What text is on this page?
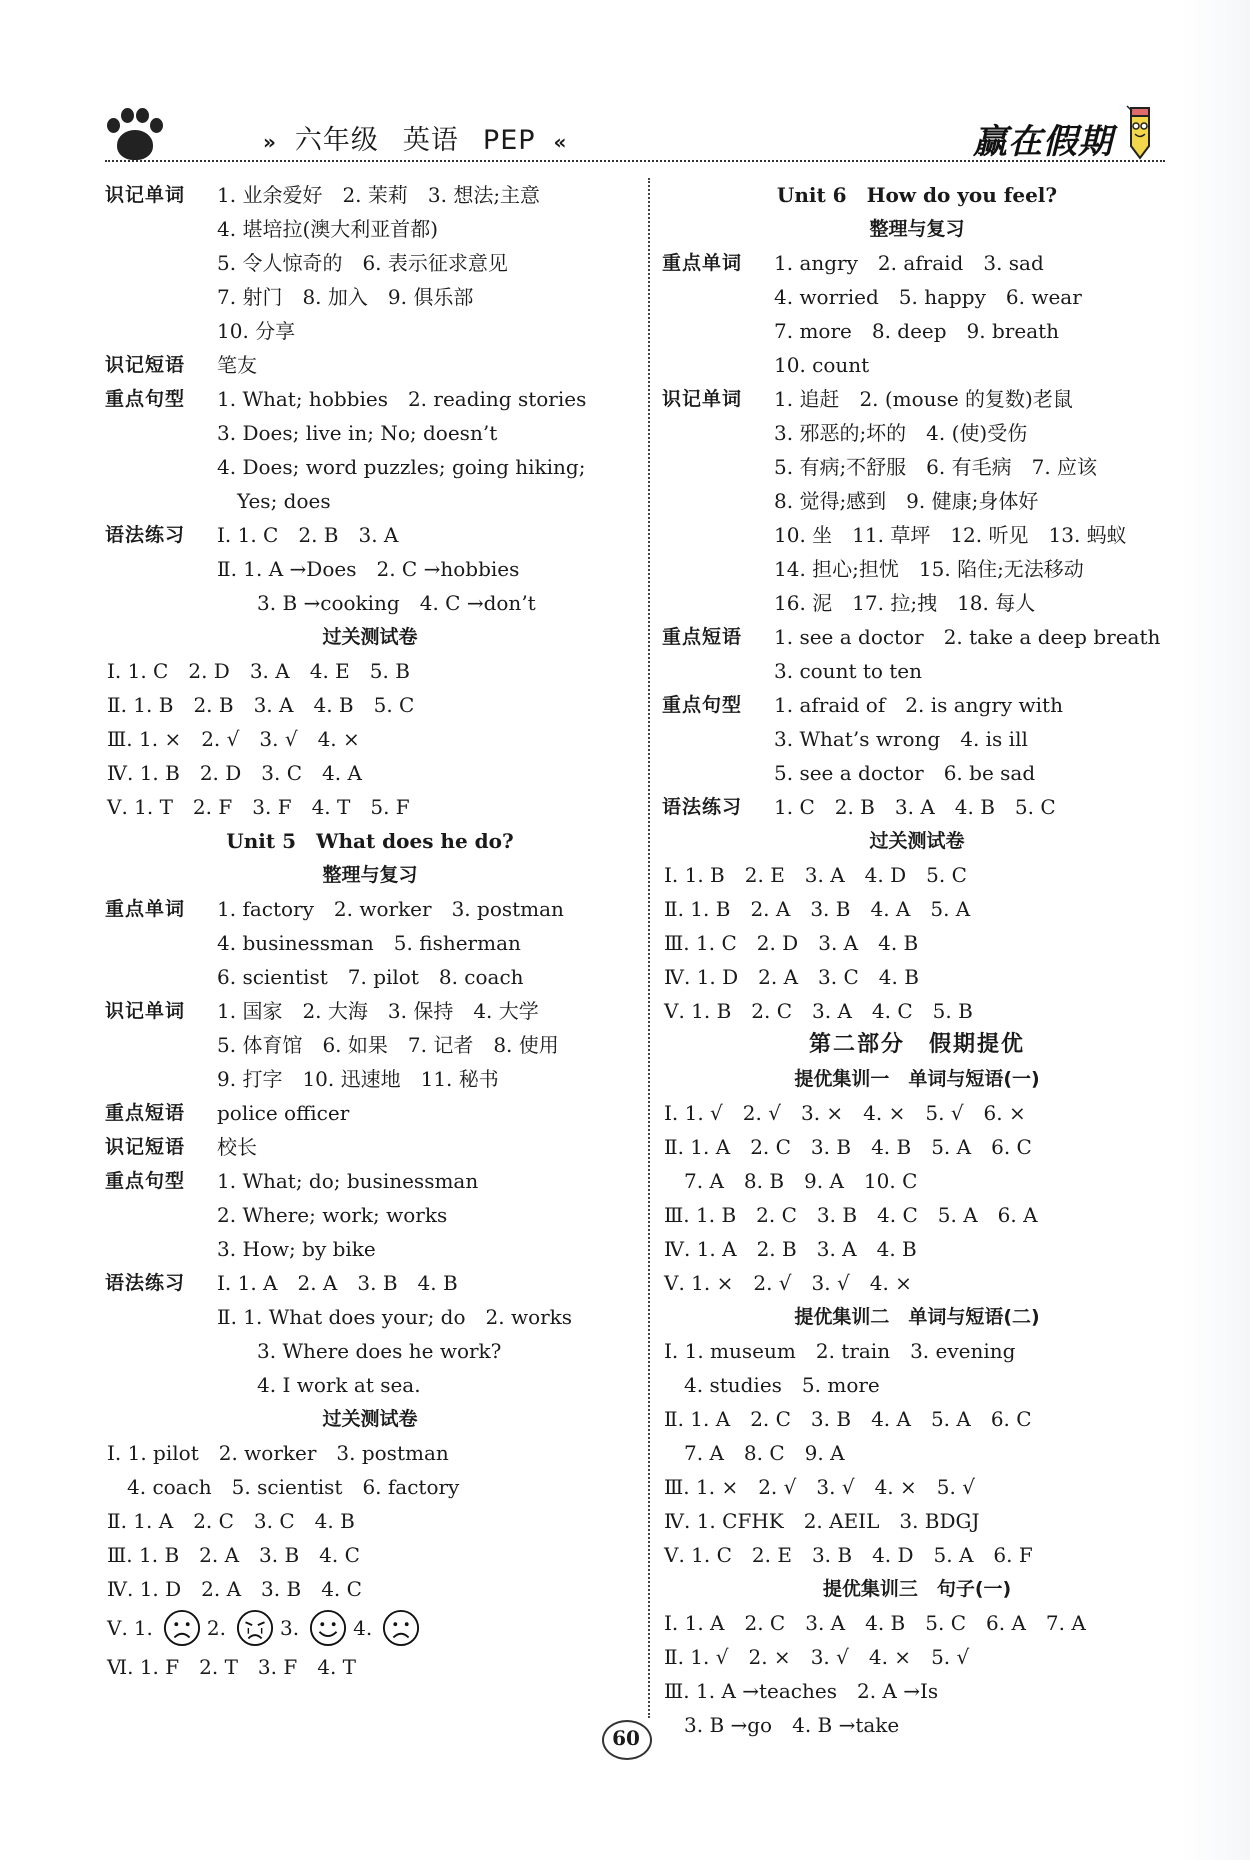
» 六年级 英语 PEP «	赢在假期
识记单词	1. 业余爱好　2. 茉莉　3. 想法;主意
4. 堪培拉(澳大利亚首都)
5. 令人惊奇的　6. 表示征求意见
7. 射门　8. 加入　9. 俱乐部
10. 分享
识记短语	笔友
重点句型	1. What; hobbies　2. reading stories
3. Does; live in; No; doesn’t
4. Does; word puzzles; going hiking;
　Yes; does
语法练习	Ⅰ. 1. C　2. B　3. A
Ⅱ. 1. A →Does　2. C →hobbies
　　3. B →cooking　4. C →don’t
过关测试卷
Ⅰ. 1. C　2. D　3. A　4. E　5. B
Ⅱ. 1. B　2. B　3. A　4. B　5. C
Ⅲ. 1. ×　2. √　3. √　4. ×
Ⅳ. 1. B　2. D　3. C　4. A
Ⅴ. 1. T　2. F　3. F　4. T　5. F
Unit 5　What does he do?
整理与复习
重点单词	1. factory　2. worker　3. postman
4. businessman　5. fisherman
6. scientist　7. pilot　8. coach
识记单词	1. 国家　2. 大海　3. 保持　4. 大学
5. 体育馆　6. 如果　7. 记者　8. 使用
9. 打字　10. 迅速地　11. 秘书
重点短语	police officer
识记短语	校长
重点句型	1. What; do; businessman
2. Where; work; works
3. How; by bike
语法练习	Ⅰ. 1. A　2. A　3. B　4. B
Ⅱ. 1. What does your; do　2. works
　　3. Where does he work?
　　4. I work at sea.
过关测试卷
Ⅰ. 1. pilot　2. worker　3. postman
　4. coach　5. scientist　6. factory
Ⅱ. 1. A　2. C　3. C　4. B
Ⅲ. 1. B　2. A　3. B　4. C
Ⅳ. 1. D　2. A　3. B　4. C
Ⅴ. 1.	2.	3.	4.
Ⅵ. 1. F　2. T　3. F　4. T
Unit 6　How do you feel?
整理与复习
重点单词	1. angry　2. afraid　3. sad
4. worried　5. happy　6. wear
7. more　8. deep　9. breath
10. count
识记单词	1. 追赶　2. (mouse 的复数)老鼠
3. 邪恶的;坏的　4. (使)受伤
5. 有病;不舒服　6. 有毛病　7. 应该
8. 觉得;感到　9. 健康;身体好
10. 坐　11. 草坪　12. 听见　13. 蚂蚁
14. 担心;担忧　15. 陷住;无法移动
16. 泥　17. 拉;拽　18. 每人
重点短语	1. see a doctor　2. take a deep breath
3. count to ten
重点句型	1. afraid of　2. is angry with
3. What’s wrong　4. is ill
5. see a doctor　6. be sad
语法练习	1. C　2. B　3. A　4. B　5. C
过关测试卷
Ⅰ. 1. B　2. E　3. A　4. D　5. C
Ⅱ. 1. B　2. A　3. B　4. A　5. A
Ⅲ. 1. C　2. D　3. A　4. B
Ⅳ. 1. D　2. A　3. C　4. B
Ⅴ. 1. B　2. C　3. A　4. C　5. B
第二部分　假期提优
提优集训一　单词与短语(一)
Ⅰ. 1. √　2. √　3. ×　4. ×　5. √　6. ×
Ⅱ. 1. A　2. C　3. B　4. B　5. A　6. C
　7. A　8. B　9. A　10. C
Ⅲ. 1. B　2. C　3. B　4. C　5. A　6. A
Ⅳ. 1. A　2. B　3. A　4. B
Ⅴ. 1. ×　2. √　3. √　4. ×
提优集训二　单词与短语(二)
Ⅰ. 1. museum　2. train　3. evening
　4. studies　5. more
Ⅱ. 1. A　2. C　3. B　4. A　5. A　6. C
　7. A　8. C　9. A
Ⅲ. 1. ×　2. √　3. √　4. ×　5. √
Ⅳ. 1. CFHK　2. AEIL　3. BDGJ
Ⅴ. 1. C　2. E　3. B　4. D　5. A　6. F
提优集训三　句子(一)
Ⅰ. 1. A　2. C　3. A　4. B　5. C　6. A　7. A
Ⅱ. 1. √　2. ×　3. √　4. ×　5. √
Ⅲ. 1. A →teaches　2. A →Is
　3. B →go　4. B →take
60
